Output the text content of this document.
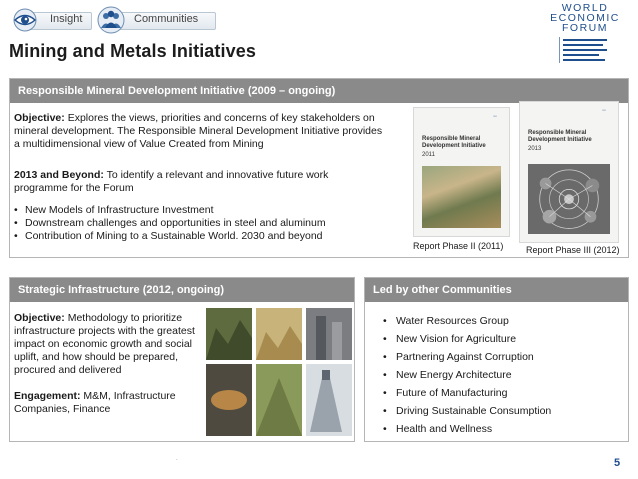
Insight	Communities
Mining and Metals Initiatives
WORLD
ECONOMIC
FORUM
Responsible Mineral Development Initiative (2009 – ongoing)

Objective: Explores the views, priorities and concerns of key stakeholders on mineral development. The Responsible Mineral Development Initiative provides a multidimensional view of Value Created from Mining

2013 and Beyond: To identify a relevant and innovative future work programme for the Forum

• New Models of Infrastructure Investment
• Downstream challenges and opportunities in steel and aluminum
• Contribution of Mining to a Sustainable World. 2030 and beyond
▭
Responsible Mineral Development Initiative
2011
▭
Responsible Mineral Development Initiative
2013
Report Phase II (2011)	Report Phase III (2012)
Strategic Infrastructure (2012, ongoing)

Objective: Methodology to prioritize infrastructure projects with the greatest impact on economic growth and social uplift, and how should be prepared, procured and delivered

Engagement: M&M, Infrastructure Companies, Finance

Led by other Communities
• Water Resources Group
• New Vision for Agriculture
• Partnering Against Corruption
• New Energy Architecture
• Future of Manufacturing
• Driving Sustainable Consumption
• Health and Wellness
.	5
